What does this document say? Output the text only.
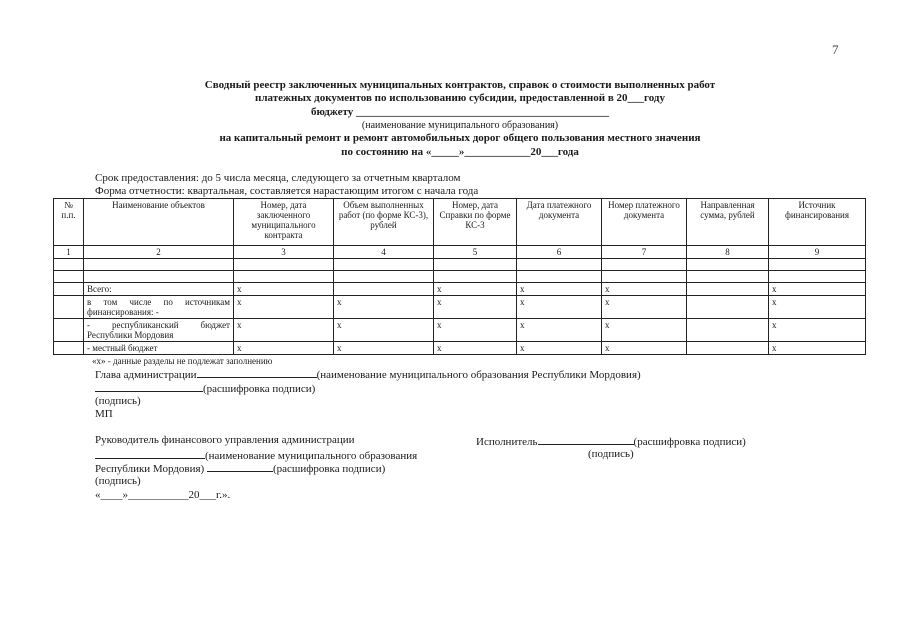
7
Сводный реестр заключенных муниципальных контрактов, справок о стоимости выполненных работ
платежных документов по использованию субсидии, предоставленной в 20___году
бюджету ______________________________________________
(наименование муниципального образования)
на капитальный ремонт и ремонт автомобильных дорог общего пользования местного значения
по состоянию на «_____»____________20___года
Срок предоставления: до 5 числа месяца, следующего за отчетным кварталом
Форма отчетности: квартальная, составляется нарастающим итогом с начала года
№ п.п.	Наименование объектов	Номер, дата заключенного муниципального контракта	Объем выполненных работ (по форме КС-3), рублей	Номер, дата Справки по форме КС-3	Дата платежного документа	Номер платежного документа	Направленная сумма, рублей	Источник финансирования
1	2	3	4	5	6	7	8	9

	Всего:	x		x	x	x		x
	в том числе по источникам финансирования: -	x	x	x	x	x		x
	- республиканский бюджет Республики Мордовия	x	x	x	x	x		x
	- местный бюджет	x	x	x	x	x		x
«x» - данные разделы не подлежат заполнению
Глава администрации	(наименование муниципального образования Республики Мордовия)
(расшифровка подписи)
(подпись)
МП
Руководитель финансового управления администрации
(наименование муниципального образования
Республики Мордовия)	(расшифровка подписи)
(подпись)
«____»___________20___г.».
Исполнитель	(расшифровка подписи)
(подпись)
